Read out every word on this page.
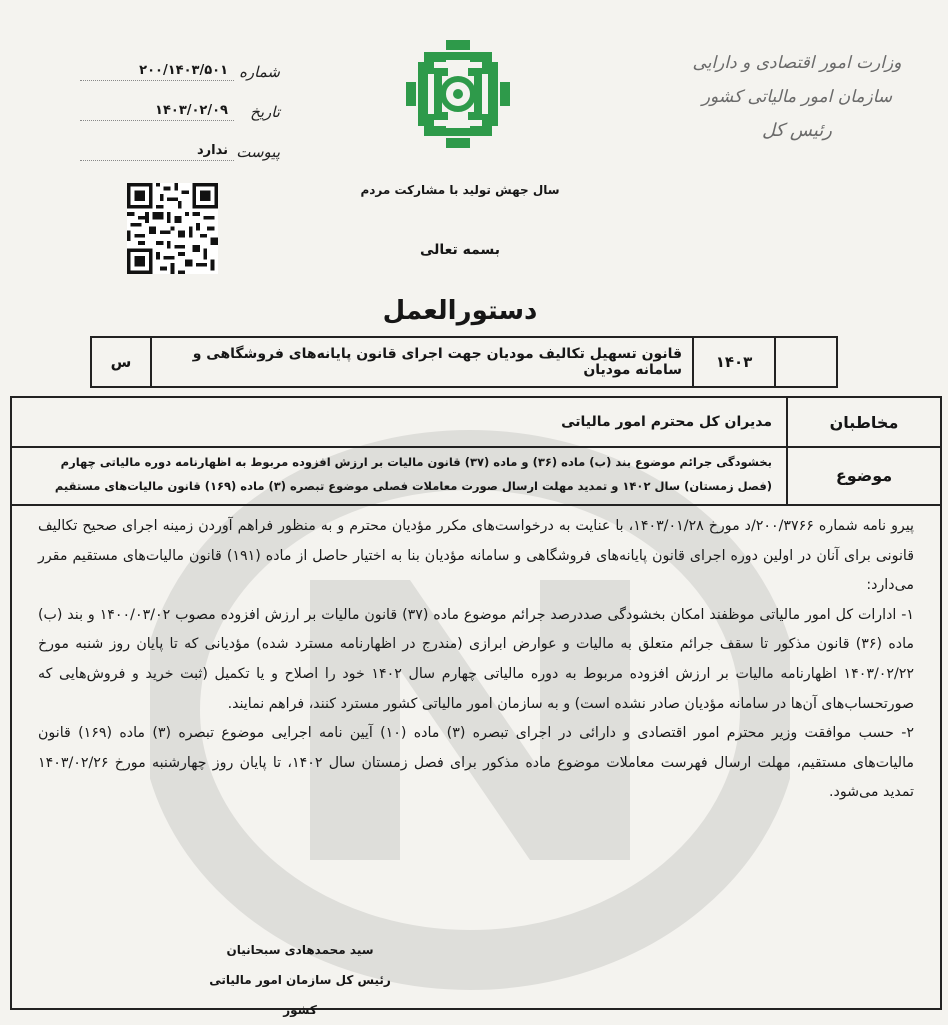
وزارت امور اقتصادی و دارایی
سازمان امور مالیاتی کشور
رئیس کل
شماره
۲۰۰/۱۴۰۳/۵۰۱
تاریخ
۱۴۰۳/۰۲/۰۹
پیوست
ندارد
سال جهش تولید با مشارکت مردم
بسمه تعالی
دستورالعمل
۱۴۰۳
قانون تسهیل تکالیف مودیان جهت اجرای قانون پایانه‌های فروشگاهی و سامانه مودیان
س
مخاطبان
مدیران کل محترم امور مالیاتی
موضوع
بخشودگی جرائم موضوع بند (ب) ماده (۳۶) و ماده (۳۷) قانون مالیات بر ارزش افزوده مربوط به اظهارنامه دوره مالیاتی چهارم
(فصل زمستان) سال ۱۴۰۲ و تمدید مهلت ارسال صورت معاملات فصلی موضوع تبصره (۳) ماده (۱۶۹) قانون مالیات‌های مستقیم

پیرو نامه شماره ۲۰۰/۳۷۶۶/د مورخ ۱۴۰۳/۰۱/۲۸، با عنایت به درخواست‌های مکرر مؤدیان محترم و به منظور فراهم آوردن زمینه اجرای صحیح تکالیف قانونی برای آنان در اولین دوره اجرای قانون پایانه‌های فروشگاهی و سامانه مؤدیان بنا به اختیار حاصل از ماده (۱۹۱) قانون مالیات‌های مستقیم مقرر می‌دارد:

۱- ادارات کل امور مالیاتی موظفند امکان بخشودگی صددرصد جرائم موضوع ماده (۳۷) قانون مالیات بر ارزش افزوده مصوب ۱۴۰۰/۰۳/۰۲ و بند (ب) ماده (۳۶) قانون مذکور تا سقف جرائم متعلق به مالیات و عوارض ابرازی (مندرج در اظهارنامه مسترد شده) مؤدیانی که تا پایان روز شنبه مورخ ۱۴۰۳/۰۲/۲۲ اظهارنامه مالیات بر ارزش افزوده مربوط به دوره مالیاتی چهارم سال ۱۴۰۲ خود را اصلاح و یا تکمیل (ثبت خرید و فروش‌هایی که صورتحساب‌های آن‌ها در سامانه مؤدیان صادر نشده است) و به سازمان امور مالیاتی کشور مسترد کنند، فراهم نمایند.

۲- حسب موافقت وزیر محترم امور اقتصادی و دارائی در اجرای تبصره (۳) ماده (۱۰) آیین نامه اجرایی موضوع تبصره (۳) ماده (۱۶۹) قانون مالیات‌های مستقیم، مهلت ارسال فهرست معاملات موضوع ماده مذکور برای فصل زمستان سال ۱۴۰۲، تا پایان روز چهارشنبه مورخ ۱۴۰۳/۰۲/۲۶ تمدید می‌شود.

سید محمدهادی سبحانیان
رئیس کل سازمان امور مالیاتی کشور
